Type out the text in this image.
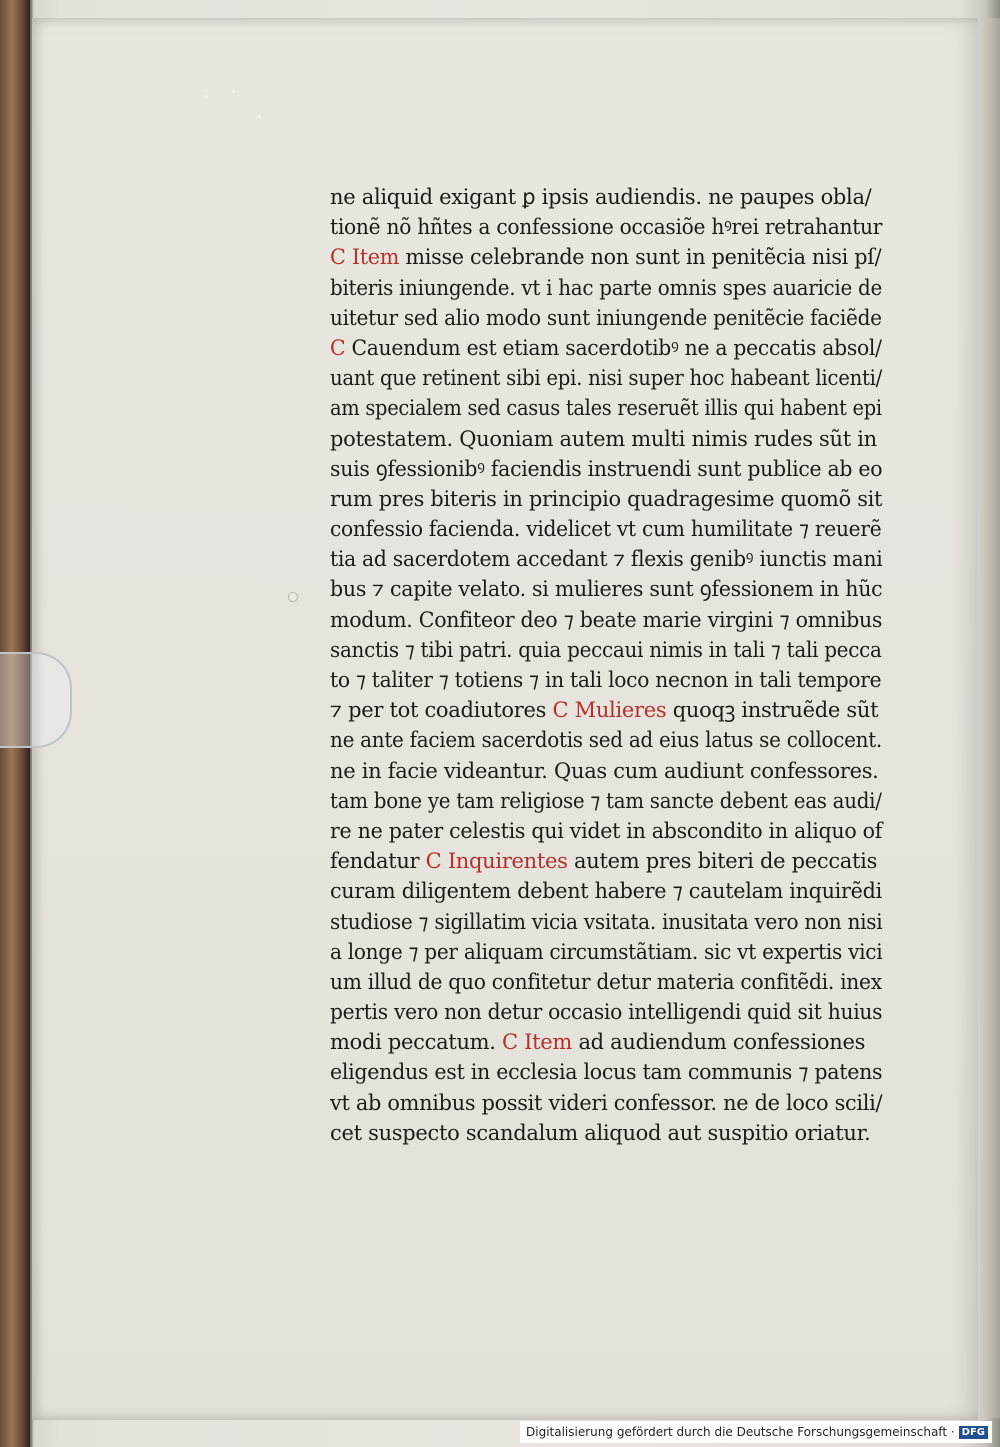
ne aliquid exigant ꝑ ipsis audiendis. ne paupes obla/
tionẽ nõ hñtes a confessione occasiõe hꝰrei retrahantur
C Item misse celebrande non sunt in penitẽcia nisi pſ/
biteris iniungende. vt i hac parte omnis spes auaricie de
uitetur sed alio modo sunt iniungende penitẽcie faciẽde
C Cauendum est etiam sacerdotibꝰ ne a peccatis absol/
uant que retinent sibi epi. nisi super hoc habeant licenti/
am specialem sed casus tales reseruẽt illis qui habent epi
potestatem. Quoniam autem multi nimis rudes sũt in
suis ꝯfessionibꝰ faciendis instruendi sunt publice ab eo
rum pres biteris in principio quadragesime quomõ sit
confessio facienda. videlicet vt cum humilitate ⁊ reuerẽ
tia ad sacerdotem accedant ⁊ flexis genibꝰ iunctis mani
bus ⁊ capite velato. si mulieres sunt ꝯfessionem in hũc
modum. Confiteor deo ⁊ beate marie virgini ⁊ omnibus
sanctis ⁊ tibi patri. quia peccaui nimis in tali ⁊ tali pecca
to ⁊ taliter ⁊ totiens ⁊ in tali loco necnon in tali tempore
⁊ per tot coadiutores C Mulieres quoqꝫ instruẽde sũt
ne ante faciem sacerdotis sed ad eius latus se collocent.
ne in facie videantur. Quas cum audiunt confessores.
tam bone ye tam religiose ⁊ tam sancte debent eas audi/
re ne pater celestis qui videt in abscondito in aliquo of
fendatur C Inquirentes autem pres biteri de peccatis
curam diligentem debent habere ⁊ cautelam inquirẽdi
studiose ⁊ sigillatim vicia vsitata. inusitata vero non nisi
a longe ⁊ per aliquam circumstãtiam. sic vt expertis vici
um illud de quo confitetur detur materia confitẽdi. inex
pertis vero non detur occasio intelligendi quid sit huius
modi peccatum. C Item ad audiendum confessiones
eligendus est in ecclesia locus tam communis ⁊ patens
vt ab omnibus possit videri confessor. ne de loco scili/
cet suspecto scandalum aliquod aut suspitio oriatur.
Digitalisierung gefördert durch die Deutsche Forschungsgemeinschaft · DFG
